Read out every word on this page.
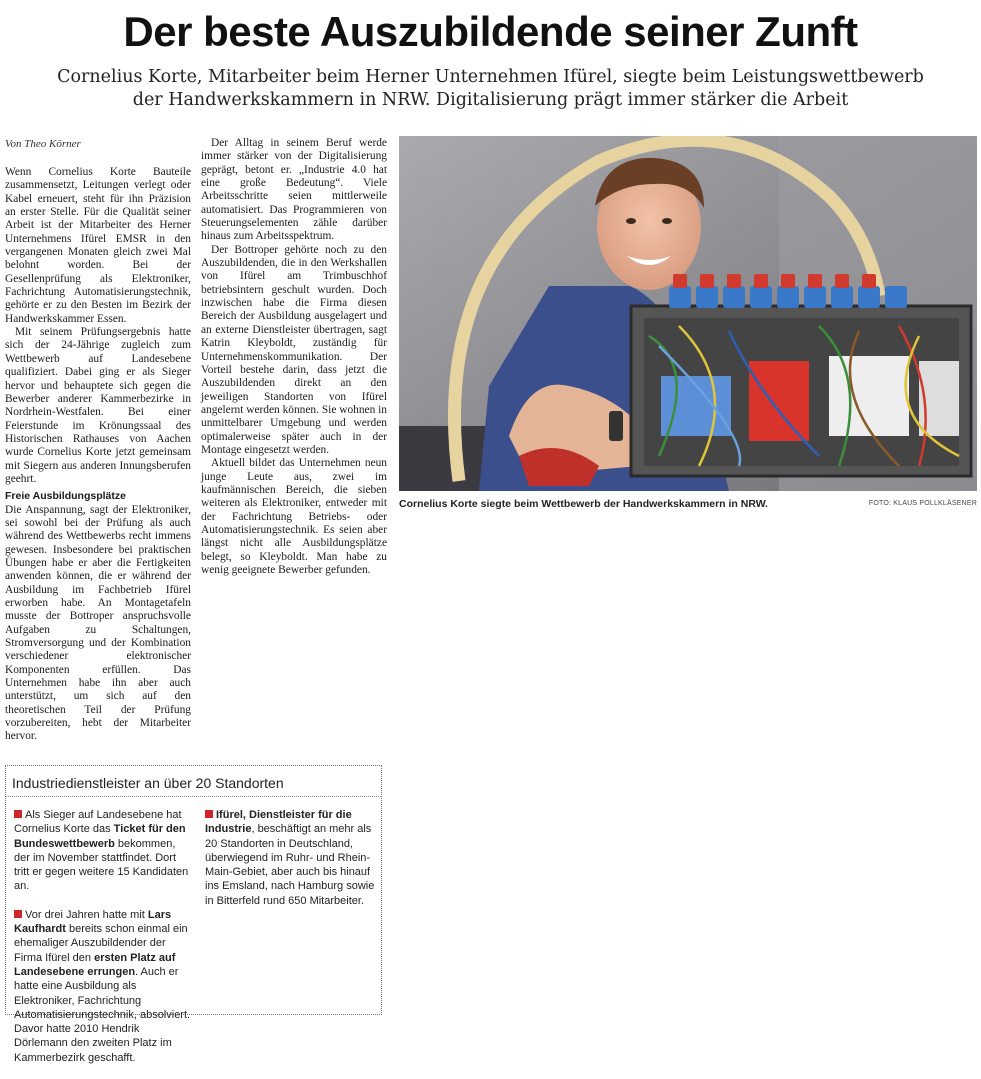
Der beste Auszubildende seiner Zunft
Cornelius Korte, Mitarbeiter beim Herner Unternehmen Ifürel, siegte beim Leistungswettbewerb
der Handwerkskammern in NRW. Digitalisierung prägt immer stärker die Arbeit
Von Theo Körner

Wenn Cornelius Korte Bauteile zusammensetzt, Leitungen verlegt oder Kabel erneuert, steht für ihn Präzision an erster Stelle. Für die Qualität seiner Arbeit ist der Mitarbeiter des Herner Unternehmens Ifürel EMSR in den vergangenen Monaten gleich zwei Mal belohnt worden. Bei der Gesellenprüfung als Elektroniker, Fachrichtung Automatisierungstechnik, gehörte er zu den Besten im Bezirk der Handwerkskammer Essen.

Mit seinem Prüfungsergebnis hatte sich der 24-Jährige zugleich zum Wettbewerb auf Landesebene qualifiziert. Dabei ging er als Sieger hervor und behauptete sich gegen die Bewerber anderer Kammerbezirke in Nordrhein-Westfalen. Bei einer Feierstunde im Krönungssaal des Historischen Rathauses von Aachen wurde Cornelius Korte jetzt gemeinsam mit Siegern aus anderen Innungsberufen geehrt.

Freie Ausbildungsplätze

Die Anspannung, sagt der Elektroniker, sei sowohl bei der Prüfung als auch während des Wettbewerbs recht immens gewesen. Insbesondere bei praktischen Übungen habe er aber die Fertigkeiten anwenden können, die er während der Ausbildung im Fachbetrieb Ifürel erworben habe. An Montagetafeln musste der Bottroper anspruchsvolle Aufgaben zu Schaltungen, Stromversorgung und der Kombination verschiedener elektronischer Komponenten erfüllen. Das Unternehmen habe ihn aber auch unterstützt, um sich auf den theoretischen Teil der Prüfung vorzubereiten, hebt der Mitarbeiter hervor.

Der Alltag in seinem Beruf werde immer stärker von der Digitalisierung geprägt, betont er. „Industrie 4.0 hat eine große Bedeutung“. Viele Arbeitsschritte seien mittlerweile automatisiert. Das Programmieren von Steuerungselementen zähle darüber hinaus zum Arbeitsspektrum.

Der Bottroper gehörte noch zu den Auszubildenden, die in den Werkshallen von Ifürel am Trimbuschhof betriebsintern geschult wurden. Doch inzwischen habe die Firma diesen Bereich der Ausbildung ausgelagert und an externe Dienstleister übertragen, sagt Katrin Kleyboldt, zuständig für Unternehmenskommunikation. Der Vorteil bestehe darin, dass jetzt die Auszubildenden direkt an den jeweiligen Standorten von Ifürel angelernt werden können. Sie wohnen in unmittelbarer Umgebung und werden optimalerweise später auch in der Montage eingesetzt werden.

Aktuell bildet das Unternehmen neun junge Leute aus, zwei im kaufmännischen Bereich, die sieben weiteren als Elektroniker, entweder mit der Fachrichtung Betriebs- oder Automatisierungstechnik. Es seien aber längst nicht alle Ausbildungsplätze belegt, so Kleyboldt. Man habe zu wenig geeignete Bewerber gefunden.

Cornelius Korte siegte beim Wettbewerb der Handwerkskammern in NRW.	FOTO: KLAUS POLLKLÄSENER
Industriedienstleister an über 20 Standorten

Als Sieger auf Landesebene hat Cornelius Korte das Ticket für den Bundeswettbewerb bekommen, der im November stattfindet. Dort tritt er gegen weitere 15 Kandidaten an.

Vor drei Jahren hatte mit Lars Kaufhardt bereits schon einmal ein ehemaliger Auszubildender der Firma Ifürel den ersten Platz auf Landesebene errungen. Auch er hatte eine Ausbildung als Elektroniker, Fachrichtung Automatisierungstechnik, absolviert. Davor hatte 2010 Hendrik Dörlemann den zweiten Platz im Kammerbezirk geschafft.

Ifürel, Dienstleister für die Industrie, beschäftigt an mehr als 20 Standorten in Deutschland, überwiegend im Ruhr- und Rhein-Main-Gebiet, aber auch bis hinauf ins Emsland, nach Hamburg sowie in Bitterfeld rund 650 Mitarbeiter.
